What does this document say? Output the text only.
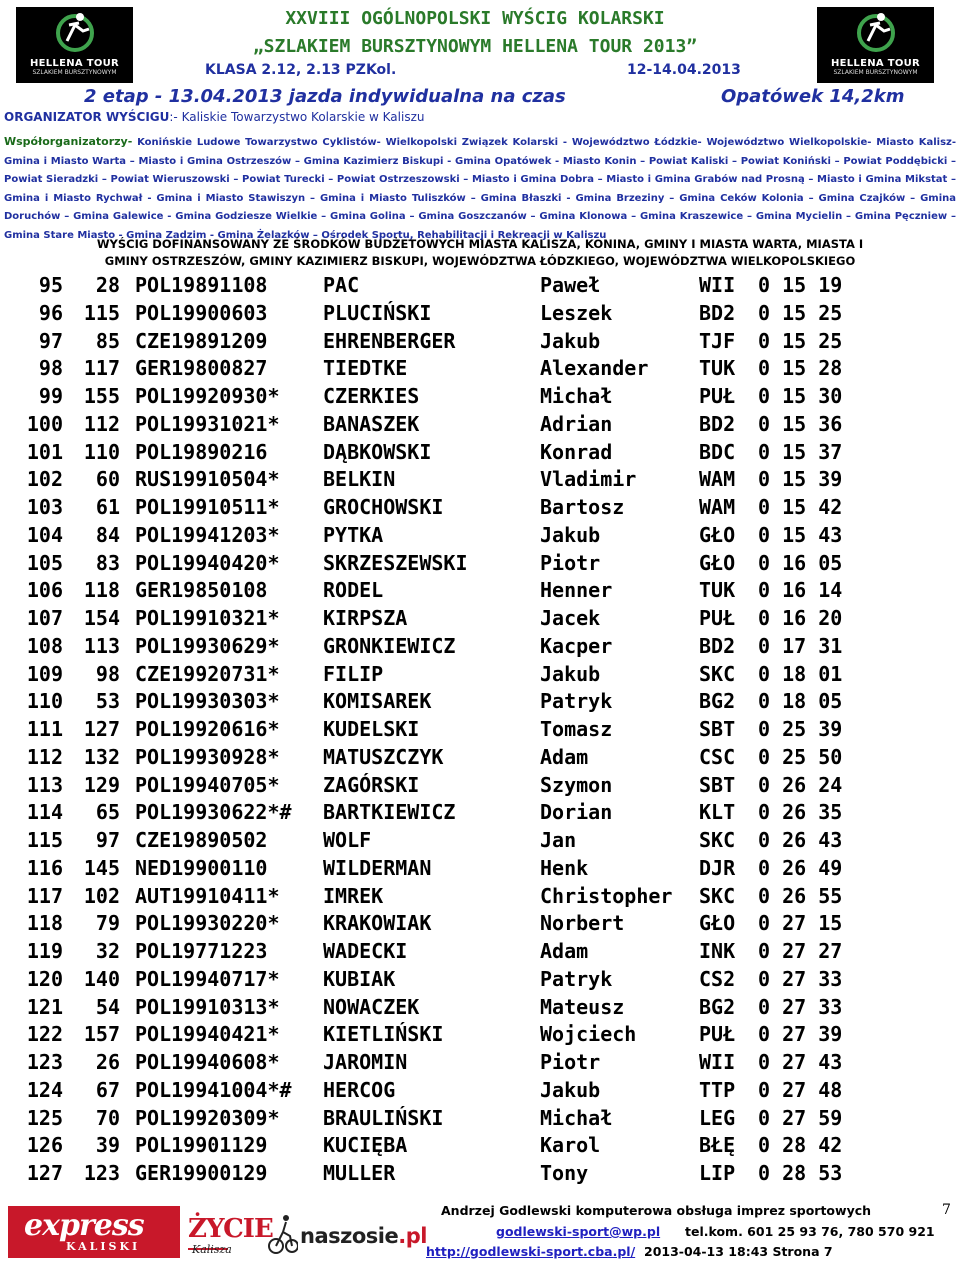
HELLENA TOUR
SZLAKIEM BURSZTYNOWYM
HELLENA TOUR
SZLAKIEM BURSZTYNOWYM
XXVIII OGÓLNOPOLSKI WYŚCIG KOLARSKI
„SZLAKIEM BURSZTYNOWYM HELLENA TOUR 2013”
KLASA 2.12, 2.13 PZKol.	12-14.04.2013
2 etap - 13.04.2013 jazda indywidualna na czas	Opatówek 14,2km
ORGANIZATOR WYŚCIGU:- Kaliskie Towarzystwo Kolarskie w Kaliszu
Współorganizatorzy- Konińskie Ludowe Towarzystwo Cyklistów- Wielkopolski Związek Kolarski - Województwo Łódzkie- Województwo Wielkopolskie- Miasto Kalisz- Gmina i Miasto Warta – Miasto i Gmina Ostrzeszów – Gmina Kazimierz Biskupi - Gmina Opatówek - Miasto Konin – Powiat Kaliski – Powiat Koniński – Powiat Poddębicki – Powiat Sieradzki – Powiat Wieruszowski – Powiat Turecki – Powiat Ostrzeszowski – Miasto i Gmina Dobra – Miasto i Gmina Grabów nad Prosną – Miasto i Gmina Mikstat – Gmina i Miasto Rychwał - Gmina i Miasto Stawiszyn – Gmina i Miasto Tuliszków – Gmina Błaszki - Gmina Brzeziny – Gmina Ceków Kolonia – Gmina Czajków – Gmina Doruchów – Gmina Galewice - Gmina Godziesze Wielkie – Gmina Golina – Gmina Goszczanów – Gmina Klonowa – Gmina Kraszewice – Gmina Mycielin – Gmina Pęczniew – Gmina Stare Miasto - Gmina Zadzim - Gmina Żelazków – Ośrodek Sportu, Rehabilitacji i Rekreacji w Kaliszu
WYŚCIG DOFINANSOWANY ZE ŚRODKÓW BUDŻETOWYCH MIASTA KALISZA, KONINA, GMINY I MIASTA WARTA, MIASTA I
GMINY OSTRZESZÓW, GMINY KAZIMIERZ BISKUPI, WOJEWÓDZTWA ŁÓDZKIEGO, WOJEWÓDZTWA WIELKOPOLSKIEGO
95	28 POL19891108	PAC	Paweł	WII 0 15 19
96	115 POL19900603	PLUCIŃSKI	Leszek	BD2 0 15 25
97	85 CZE19891209	EHRENBERGER	Jakub	TJF 0 15 25
98	117 GER19800827	TIEDTKE	Alexander	TUK 0 15 28
99	155 POL19920930* CZERKIES	Michał	PUŁ 0 15 30
100	112 POL19931021* BANASZEK	Adrian	BD2 0 15 36
101	110 POL19890216	DĄBKOWSKI	Konrad	BDC 0 15 37
102	60 RUS19910504* BELKIN	Vladimir	WAM 0 15 39
103	61 POL19910511* GROCHOWSKI	Bartosz	WAM 0 15 42
104	84 POL19941203* PYTKA	Jakub	GŁO 0 15 43
105	83 POL19940420* SKRZESZEWSKI	Piotr	GŁO 0 16 05
106	118 GER19850108	RODEL	Henner	TUK 0 16 14
107	154 POL19910321* KIRPSZA	Jacek	PUŁ 0 16 20
108	113 POL19930629* GRONKIEWICZ	Kacper	BD2 0 17 31
109	98 CZE19920731* FILIP	Jakub	SKC 0 18 01
110	53 POL19930303* KOMISAREK	Patryk	BG2 0 18 05
111	127 POL19920616* KUDELSKI	Tomasz	SBT 0 25 39
112	132 POL19930928* MATUSZCZYK	Adam	CSC 0 25 50
113	129 POL19940705* ZAGÓRSKI	Szymon	SBT 0 26 24
114	65 POL19930622*# BARTKIEWICZ	Dorian	KLT 0 26 35
115	97 CZE19890502	WOLF	Jan	SKC 0 26 43
116	145 NED19900110	WILDERMAN	Henk	DJR 0 26 49
117	102 AUT19910411* IMREK	Christopher SKC 0 26 55
118	79 POL19930220* KRAKOWIAK	Norbert	GŁO 0 27 15
119	32 POL19771223	WADECKI	Adam	INK 0 27 27
120	140 POL19940717* KUBIAK	Patryk	CS2 0 27 33
121	54 POL19910313* NOWACZEK	Mateusz	BG2 0 27 33
122	157 POL19940421* KIETLIŃSKI	Wojciech	PUŁ 0 27 39
123	26 POL19940608* JAROMIN	Piotr	WII 0 27 43
124	67 POL19941004*# HERCOG	Jakub	TTP 0 27 48
125	70 POL19920309* BRAULIŃSKI	Michał	LEG 0 27 59
126	39 POL19901129	KUCIĘBA	Karol	BŁĘ 0 28 42
127	123 GER19900129	MULLER	Tony	LIP 0 28 53
7
Andrzej Godlewski komputerowa obsługa imprez sportowych
godlewski-sport@wp.pl tel.kom. 601 25 93 76, 780 570 921
http://godlewski-sport.cba.pl/ 2013-04-13 18:43 Strona 7
express
KALISKI
ŻYCIE
Kalisza
naszosie.pl
